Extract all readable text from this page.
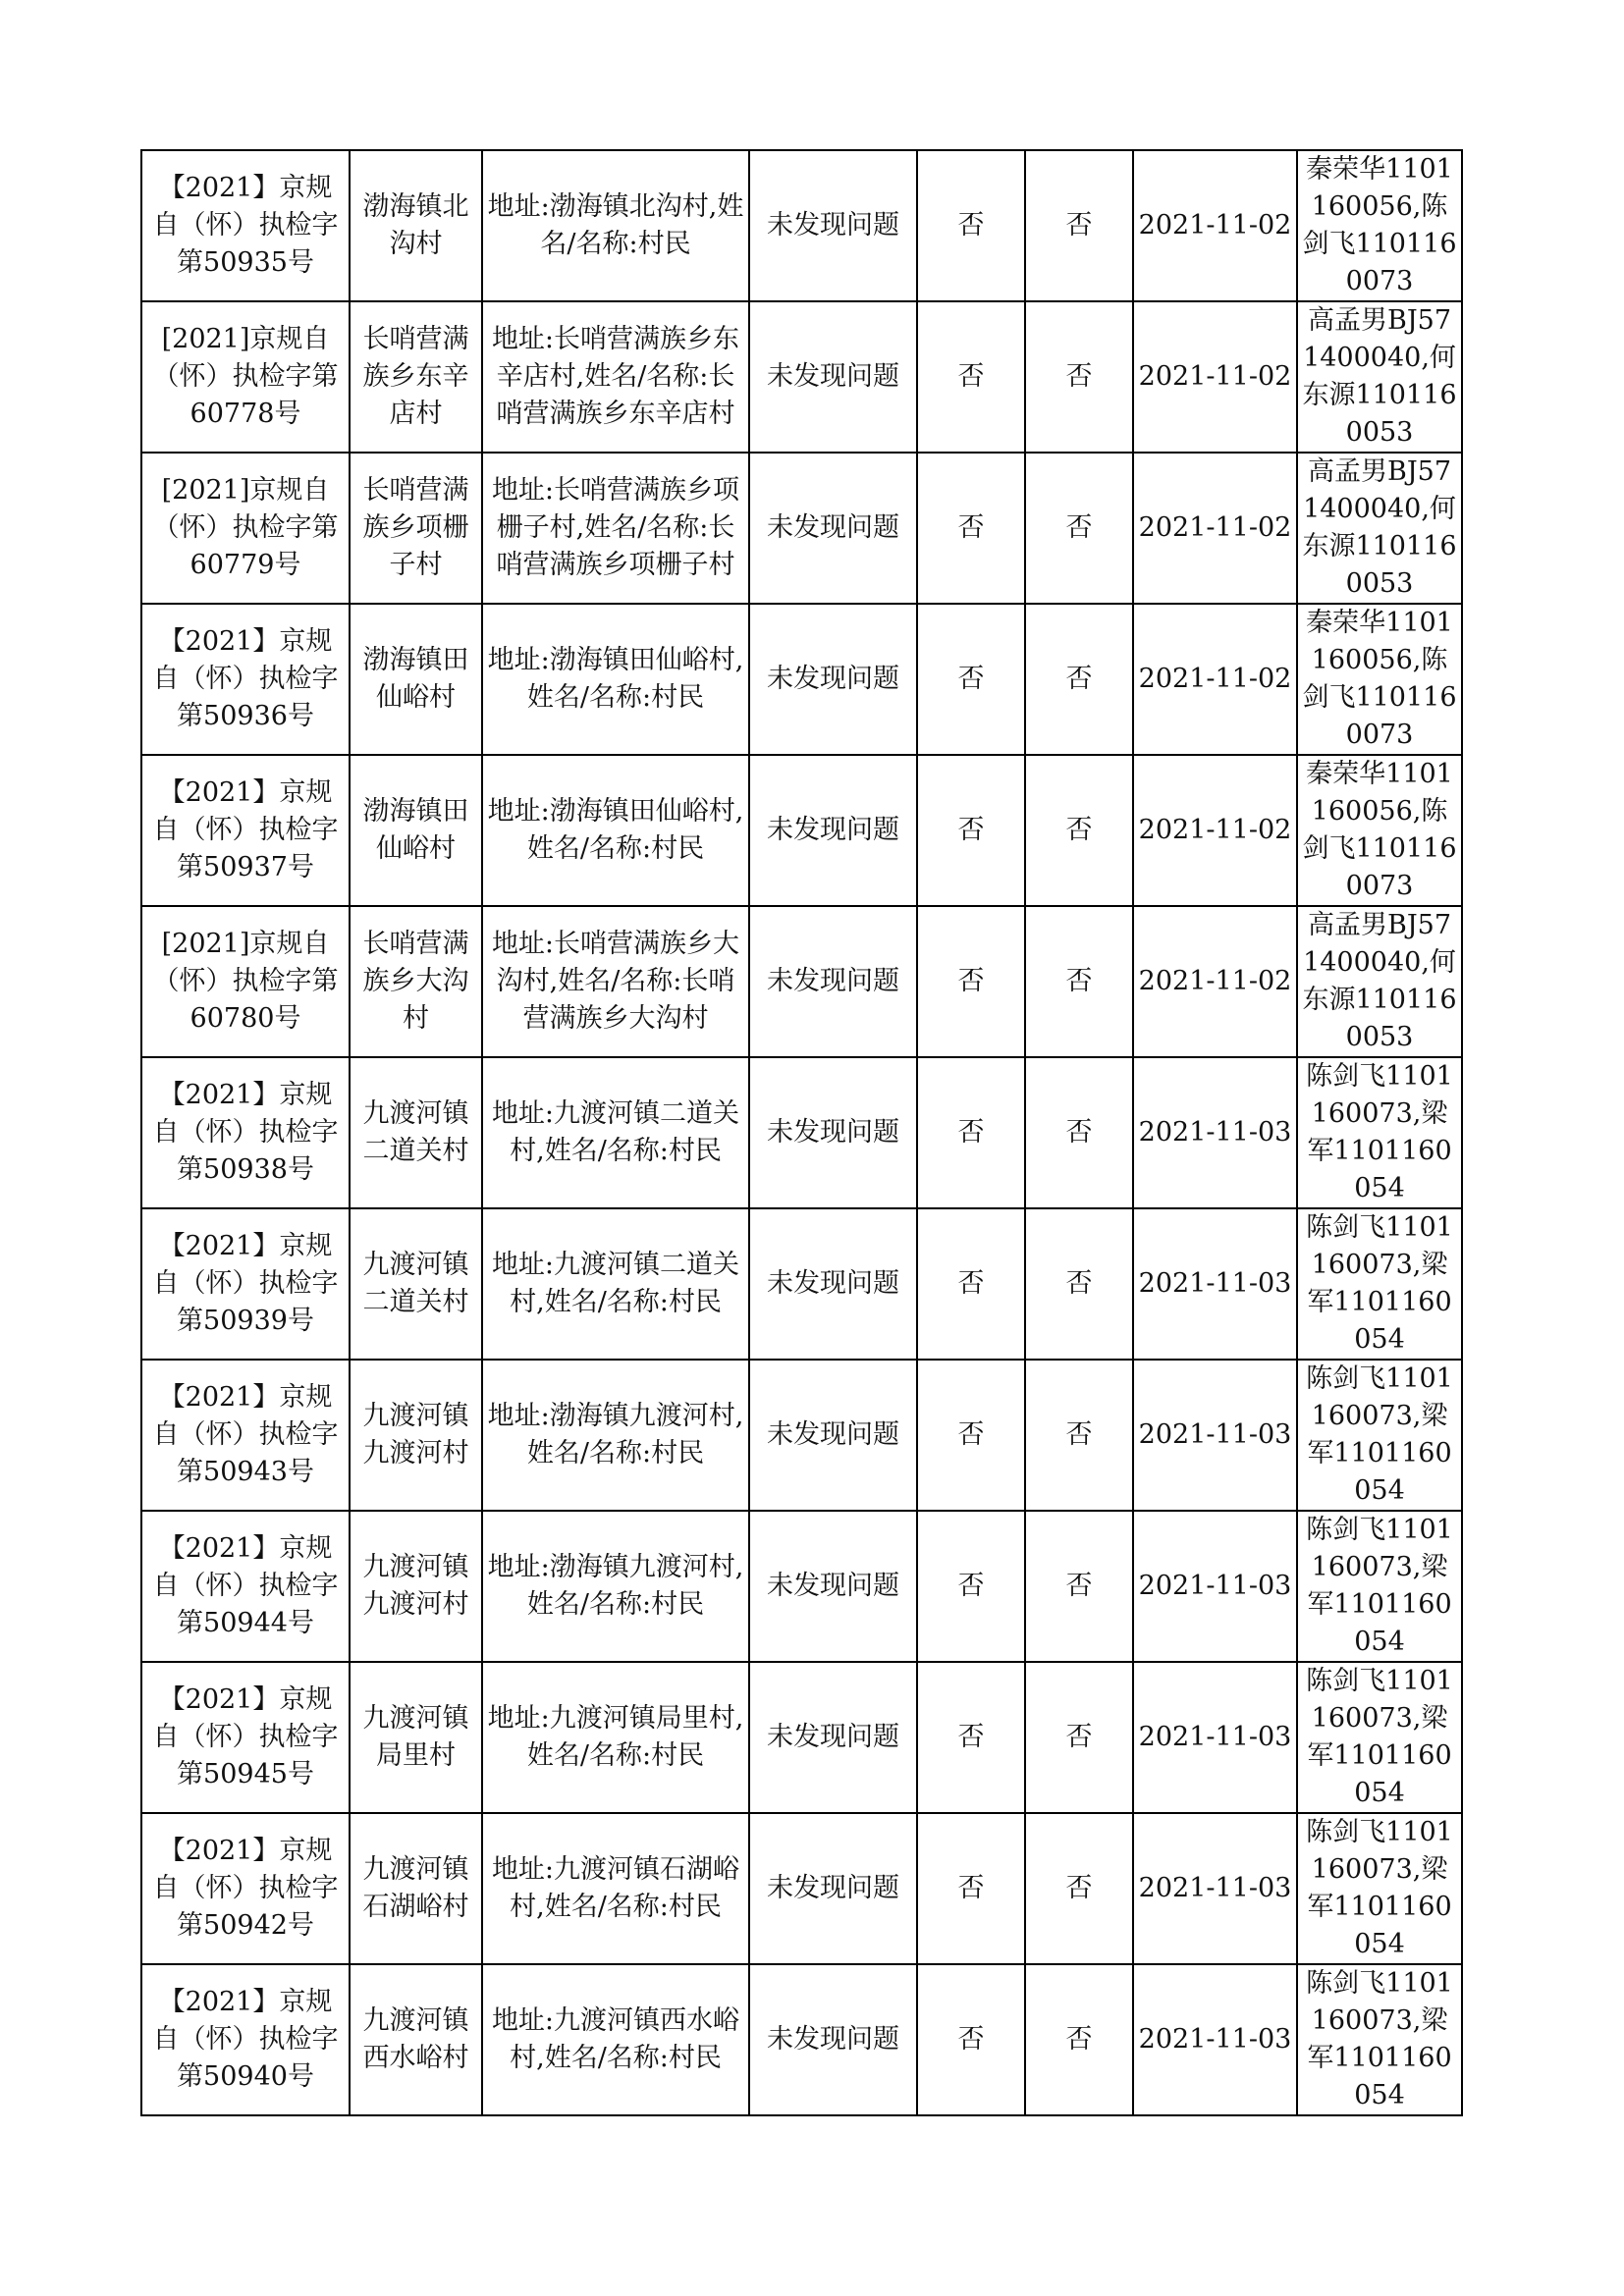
【2021】京规自（怀）执检字第50935号	渤海镇北沟村	地址:渤海镇北沟村,姓名/名称:村民	未发现问题	否	否	2021-11-02	秦荣华1101160056,陈剑飞1101160073
[2021]京规自（怀）执检字第60778号	长哨营满族乡东辛店村	地址:长哨营满族乡东辛店村,姓名/名称:长哨营满族乡东辛店村	未发现问题	否	否	2021-11-02	高孟男BJ571400040,何东源1101160053
[2021]京规自（怀）执检字第60779号	长哨营满族乡项栅子村	地址:长哨营满族乡项栅子村,姓名/名称:长哨营满族乡项栅子村	未发现问题	否	否	2021-11-02	高孟男BJ571400040,何东源1101160053
【2021】京规自（怀）执检字第50936号	渤海镇田仙峪村	地址:渤海镇田仙峪村,姓名/名称:村民	未发现问题	否	否	2021-11-02	秦荣华1101160056,陈剑飞1101160073
【2021】京规自（怀）执检字第50937号	渤海镇田仙峪村	地址:渤海镇田仙峪村,姓名/名称:村民	未发现问题	否	否	2021-11-02	秦荣华1101160056,陈剑飞1101160073
[2021]京规自（怀）执检字第60780号	长哨营满族乡大沟村	地址:长哨营满族乡大沟村,姓名/名称:长哨营满族乡大沟村	未发现问题	否	否	2021-11-02	高孟男BJ571400040,何东源1101160053
【2021】京规自（怀）执检字第50938号	九渡河镇二道关村	地址:九渡河镇二道关村,姓名/名称:村民	未发现问题	否	否	2021-11-03	陈剑飞1101160073,梁军1101160054
【2021】京规自（怀）执检字第50939号	九渡河镇二道关村	地址:九渡河镇二道关村,姓名/名称:村民	未发现问题	否	否	2021-11-03	陈剑飞1101160073,梁军1101160054
【2021】京规自（怀）执检字第50943号	九渡河镇九渡河村	地址:渤海镇九渡河村,姓名/名称:村民	未发现问题	否	否	2021-11-03	陈剑飞1101160073,梁军1101160054
【2021】京规自（怀）执检字第50944号	九渡河镇九渡河村	地址:渤海镇九渡河村,姓名/名称:村民	未发现问题	否	否	2021-11-03	陈剑飞1101160073,梁军1101160054
【2021】京规自（怀）执检字第50945号	九渡河镇局里村	地址:九渡河镇局里村,姓名/名称:村民	未发现问题	否	否	2021-11-03	陈剑飞1101160073,梁军1101160054
【2021】京规自（怀）执检字第50942号	九渡河镇石湖峪村	地址:九渡河镇石湖峪村,姓名/名称:村民	未发现问题	否	否	2021-11-03	陈剑飞1101160073,梁军1101160054
【2021】京规自（怀）执检字第50940号	九渡河镇西水峪村	地址:九渡河镇西水峪村,姓名/名称:村民	未发现问题	否	否	2021-11-03	陈剑飞1101160073,梁军1101160054
